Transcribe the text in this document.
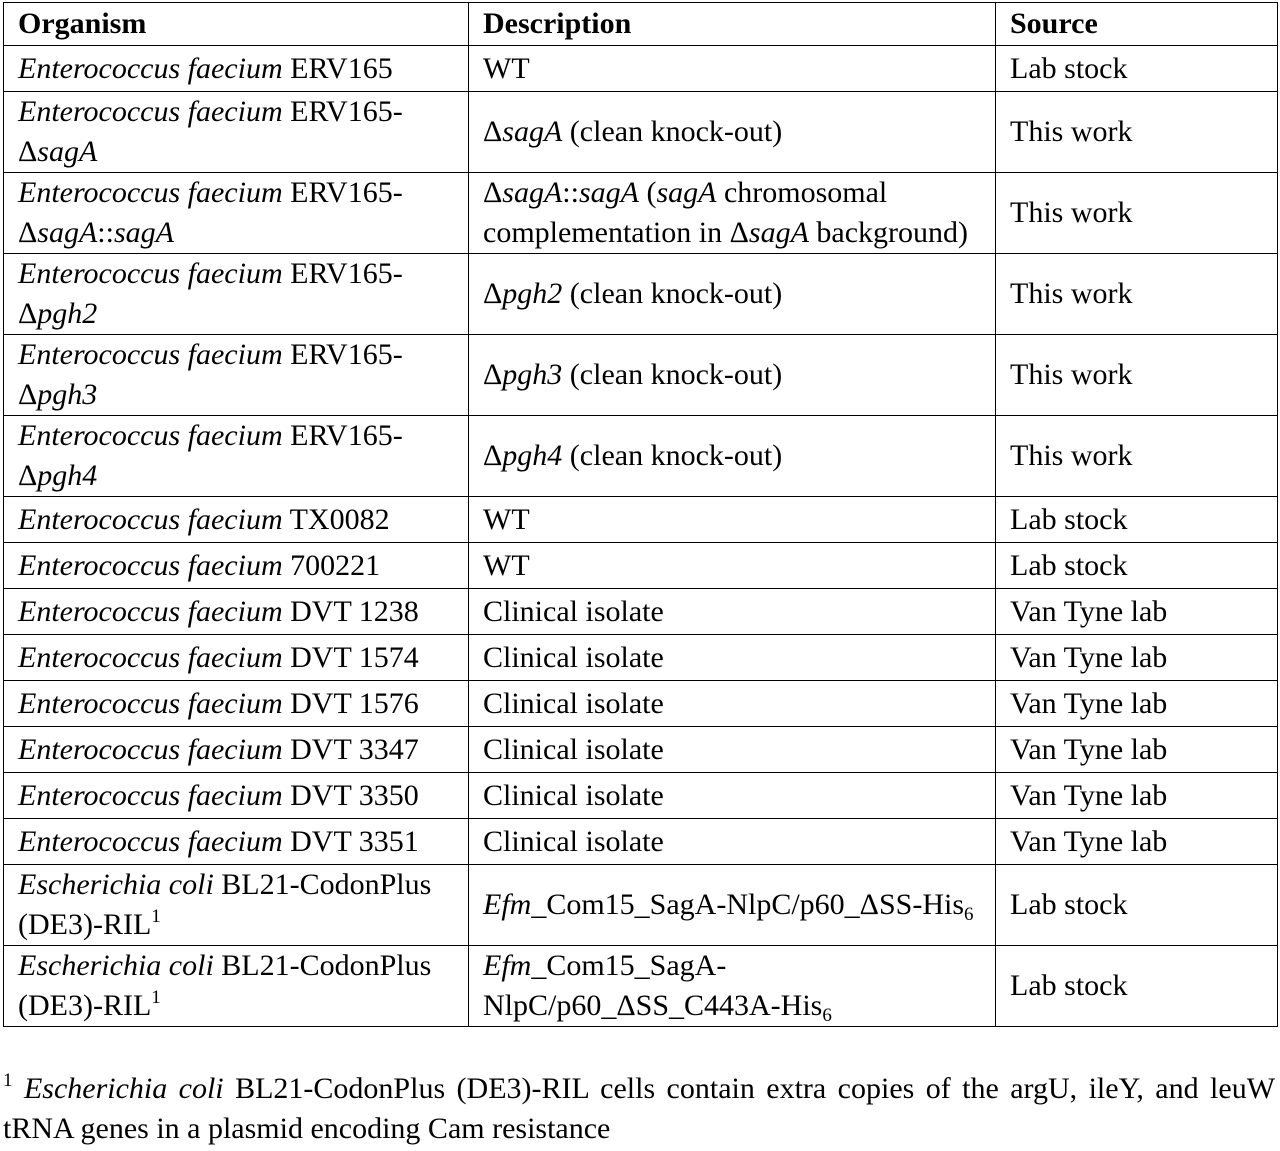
Organism	Description	Source
Enterococcus faecium ERV165	WT	Lab stock
Enterococcus faecium ERV165-ΔsagA	ΔsagA (clean knock-out)	This work
Enterococcus faecium ERV165-ΔsagA::sagA	ΔsagA::sagA (sagA chromosomal complementation in ΔsagA background)	This work
Enterococcus faecium ERV165-Δpgh2	Δpgh2 (clean knock-out)	This work
Enterococcus faecium ERV165-Δpgh3	Δpgh3 (clean knock-out)	This work
Enterococcus faecium ERV165-Δpgh4	Δpgh4 (clean knock-out)	This work
Enterococcus faecium TX0082	WT	Lab stock
Enterococcus faecium 700221	WT	Lab stock
Enterococcus faecium DVT 1238	Clinical isolate	Van Tyne lab
Enterococcus faecium DVT 1574	Clinical isolate	Van Tyne lab
Enterococcus faecium DVT 1576	Clinical isolate	Van Tyne lab
Enterococcus faecium DVT 3347	Clinical isolate	Van Tyne lab
Enterococcus faecium DVT 3350	Clinical isolate	Van Tyne lab
Enterococcus faecium DVT 3351	Clinical isolate	Van Tyne lab
Escherichia coli BL21-CodonPlus (DE3)-RIL$^1$	Efm_Com15_SagA-NlpC/p60_ΔSS-His$_6$	Lab stock
Escherichia coli BL21-CodonPlus (DE3)-RIL$^1$	Efm_Com15_SagA-NlpC/p60_ΔSS_C443A-His$_6$	Lab stock
$^1$ Escherichia coli BL21-CodonPlus (DE3)-RIL cells contain extra copies of the argU, ileY, and leuW tRNA genes in a plasmid encoding Cam resistance
